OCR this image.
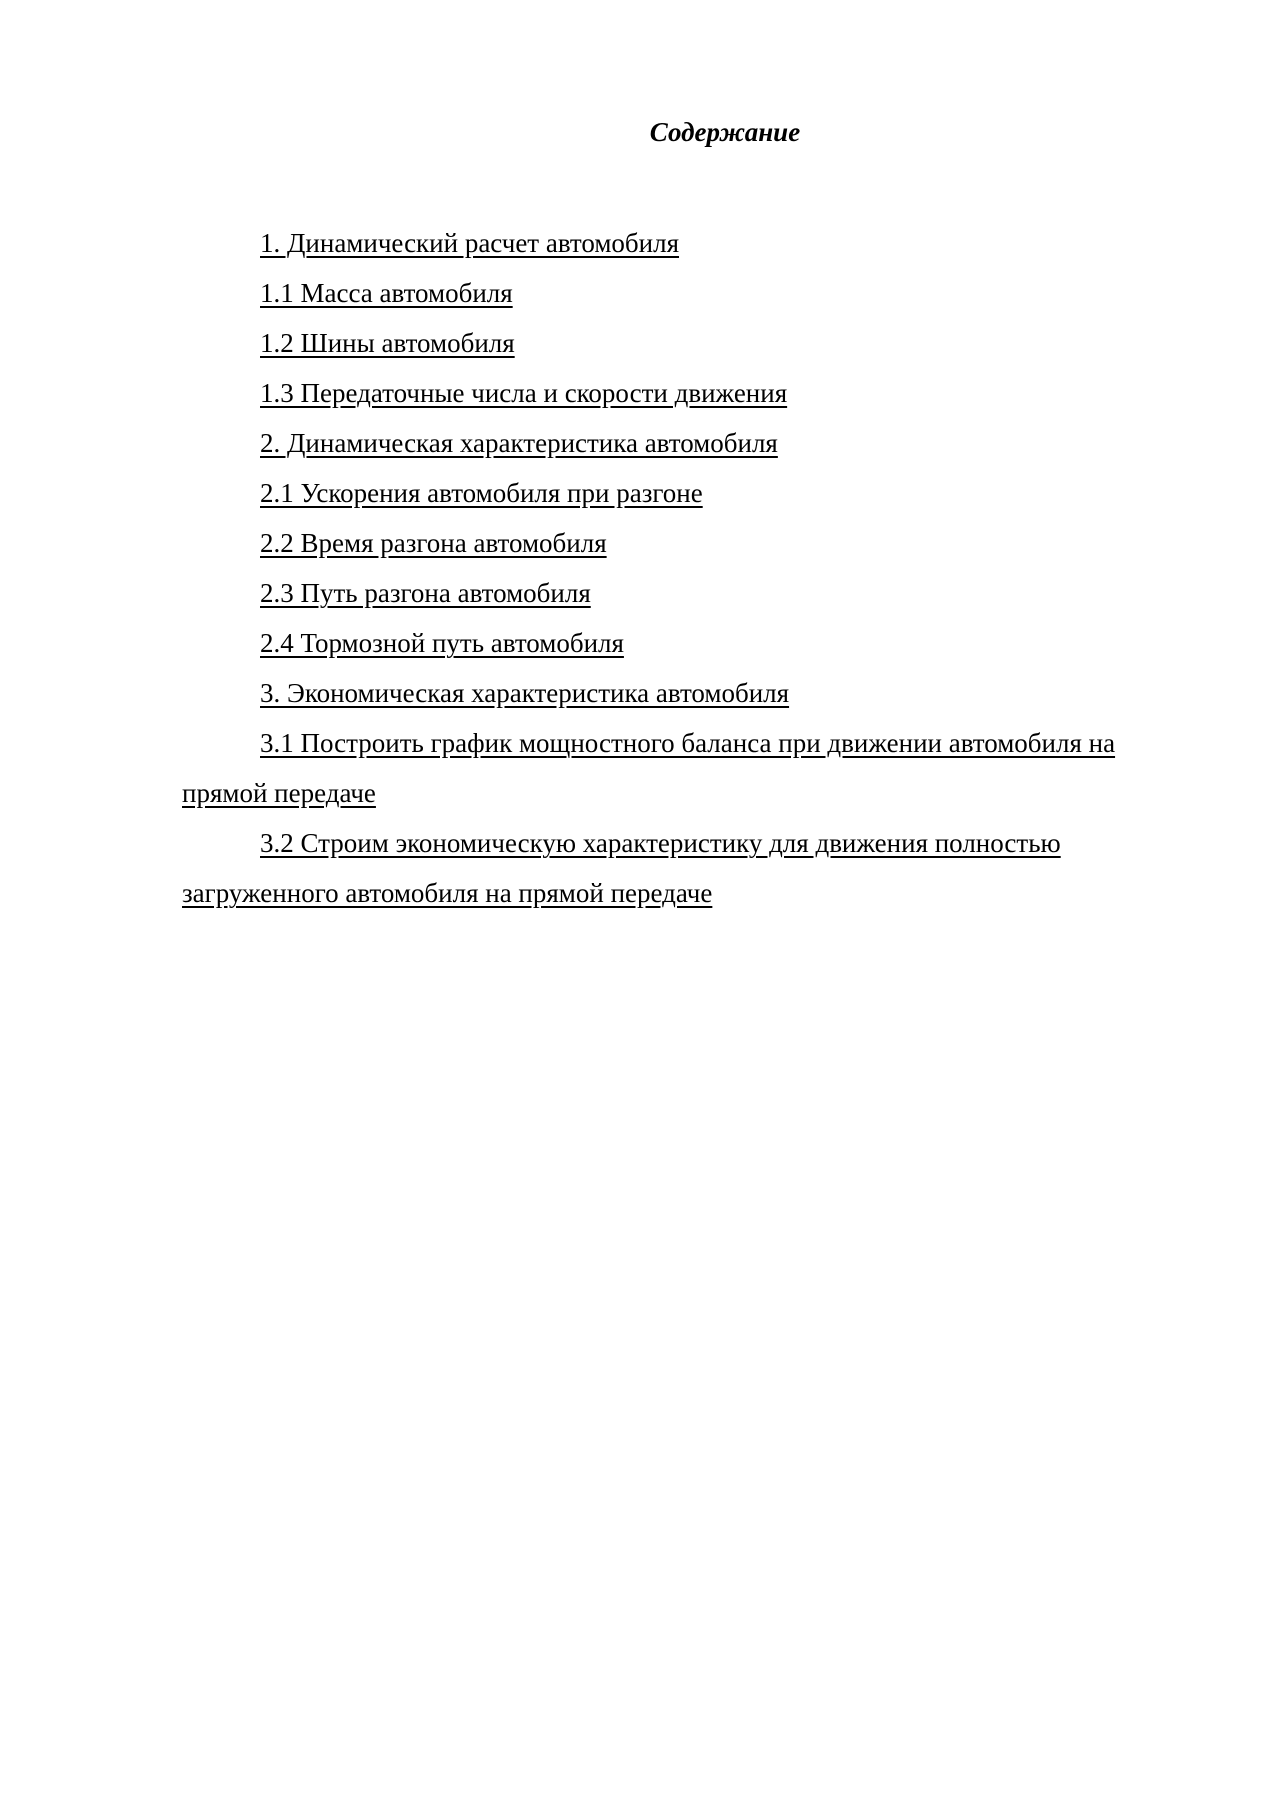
Содержание
1. Динамический расчет автомобиля
1.1 Масса автомобиля
1.2 Шины автомобиля
1.3 Передаточные числа и скорости движения
2. Динамическая характеристика автомобиля
2.1 Ускорения автомобиля при разгоне
2.2 Время разгона автомобиля
2.3 Путь разгона автомобиля
2.4 Тормозной путь автомобиля
3. Экономическая характеристика автомобиля
3.1 Построить график мощностного баланса при движении автомобиля на прямой передаче
3.2 Строим экономическую характеристику для движения полностью загруженного автомобиля на прямой передаче
